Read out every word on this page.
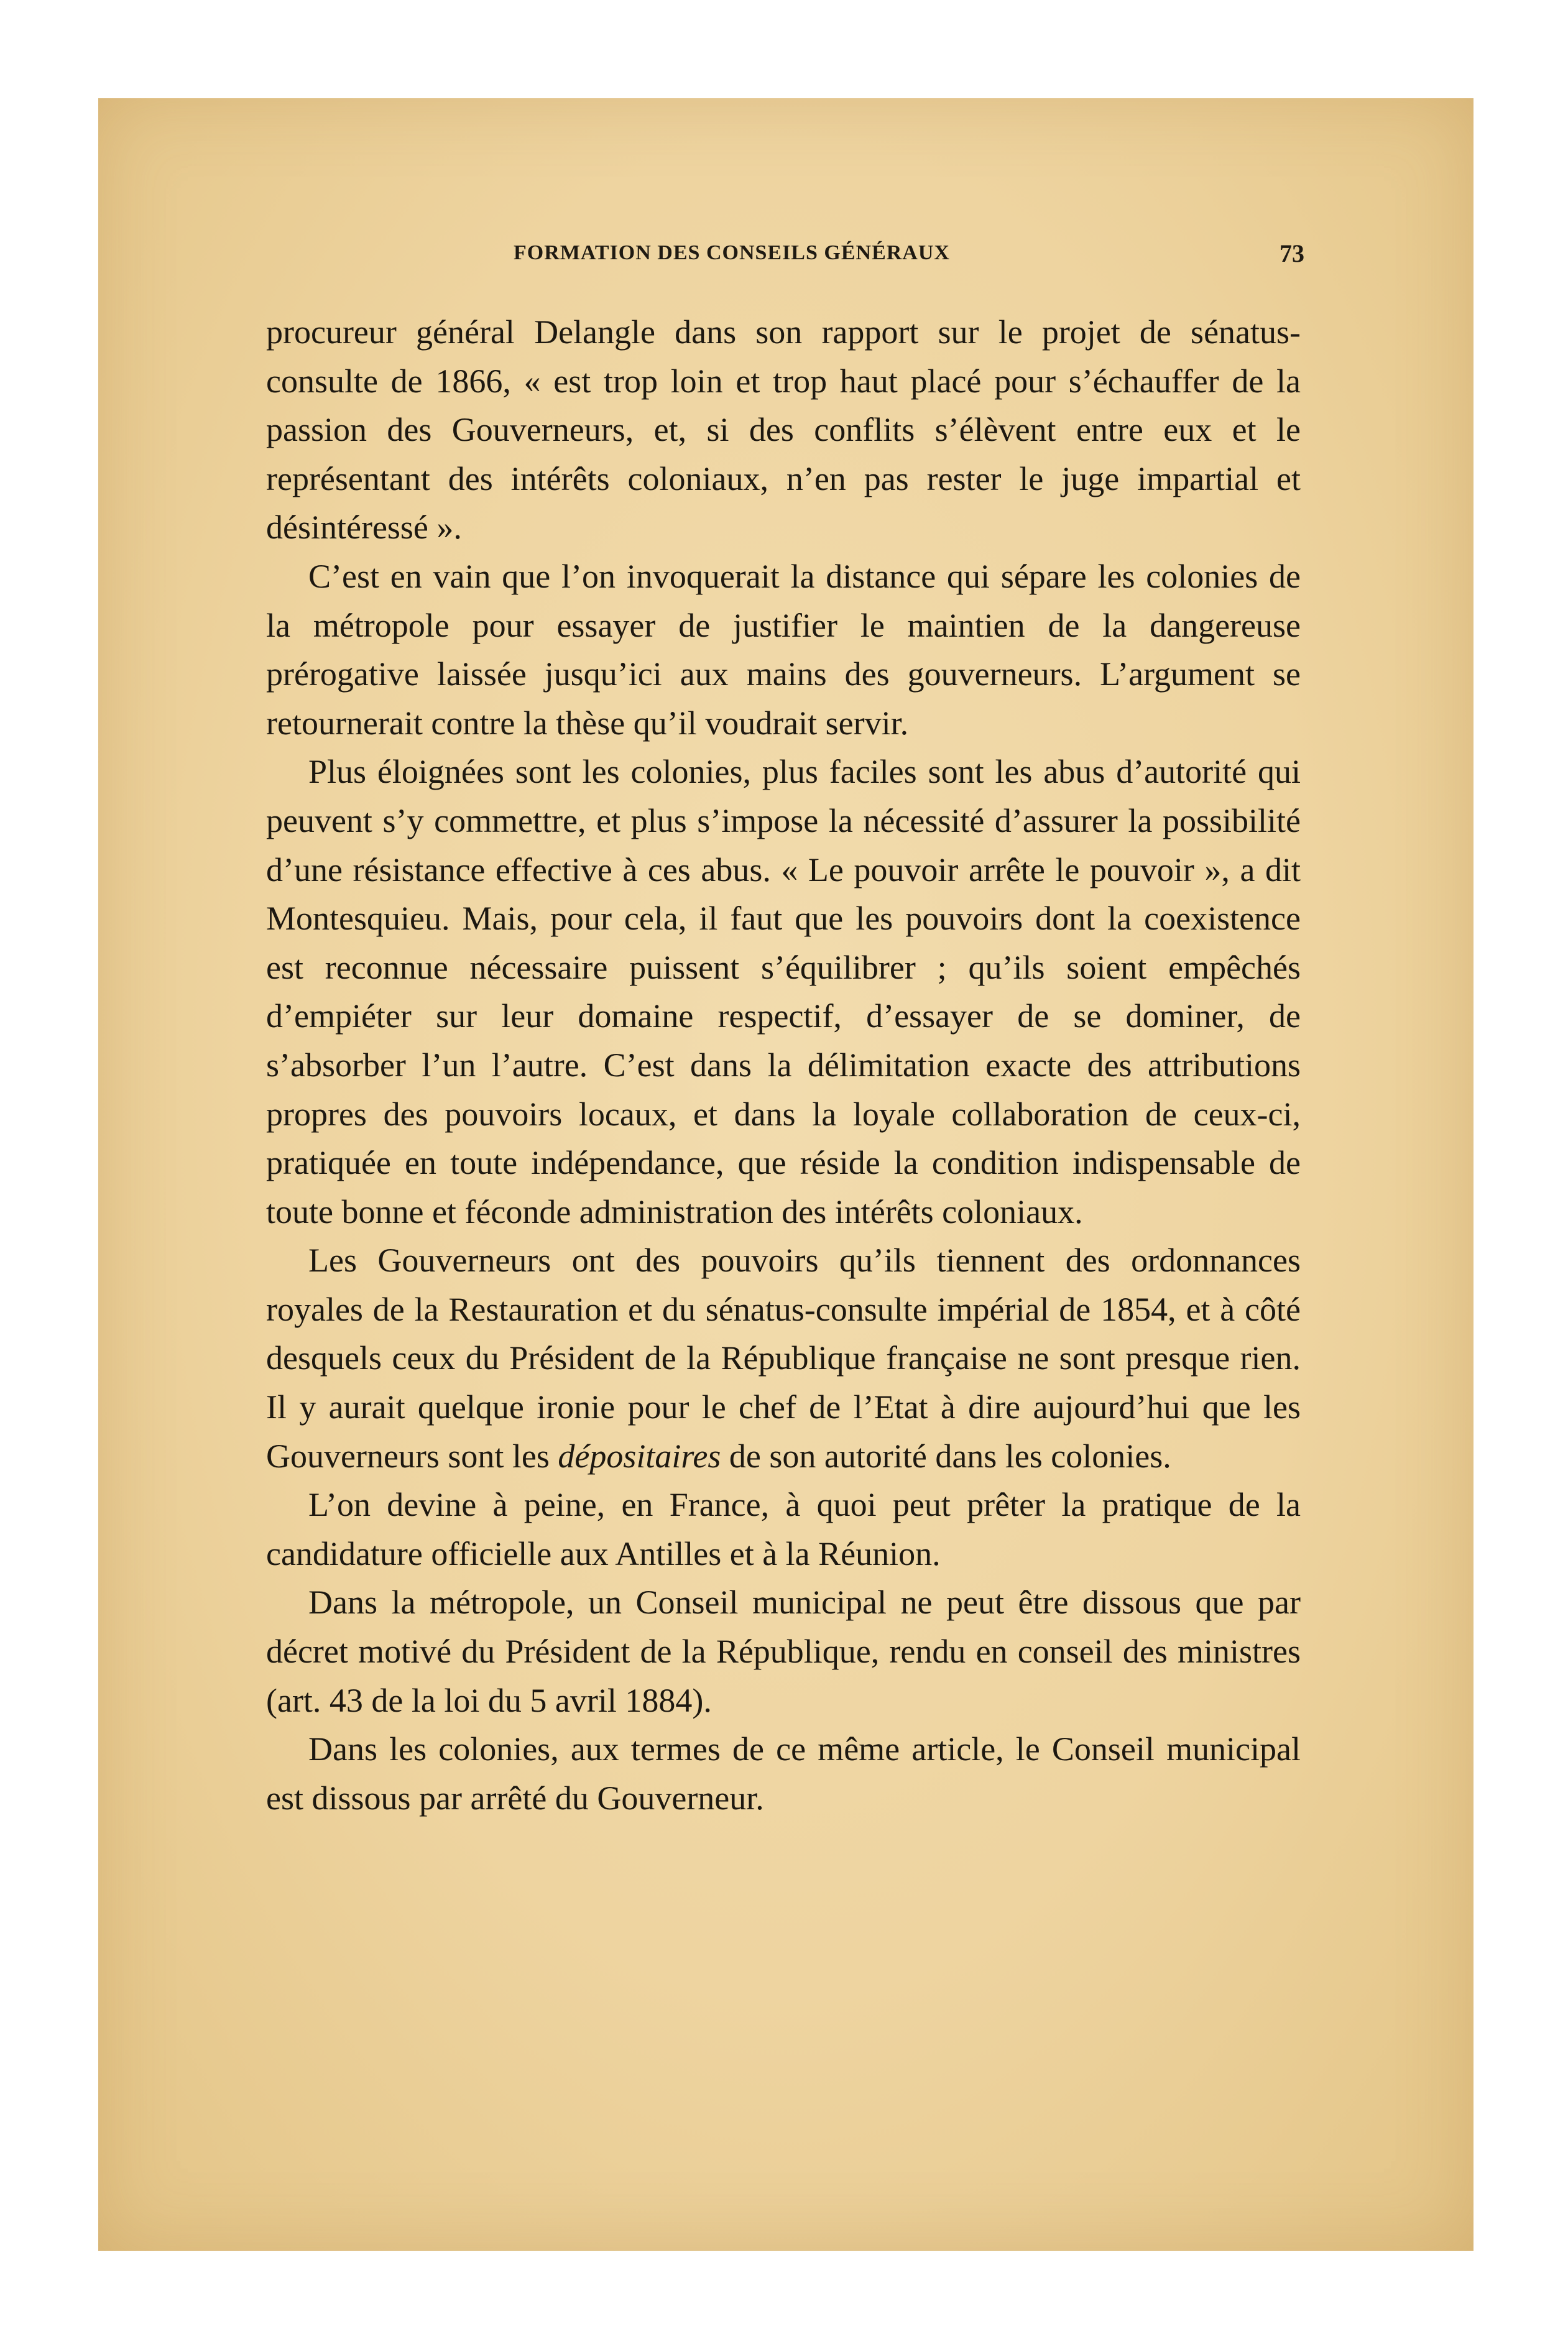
FORMATION DES CONSEILS GÉNÉRAUX	73

procureur général Delangle dans son rapport sur le projet de sénatus-consulte de 1866, « est trop loin et trop haut placé pour s’échauffer de la passion des Gouverneurs, et, si des conflits s’élèvent entre eux et le représentant des intérêts coloniaux, n’en pas rester le juge impartial et désintéressé ».

C’est en vain que l’on invoquerait la distance qui sépare les colonies de la métropole pour essayer de justifier le maintien de la dangereuse prérogative laissée jusqu’ici aux mains des gouverneurs. L’argument se retournerait contre la thèse qu’il voudrait servir.

Plus éloignées sont les colonies, plus faciles sont les abus d’autorité qui peuvent s’y commettre, et plus s’impose la nécessité d’assurer la possibilité d’une résistance effective à ces abus. « Le pouvoir arrête le pouvoir », a dit Montesquieu. Mais, pour cela, il faut que les pouvoirs dont la coexistence est reconnue nécessaire puissent s’équilibrer ; qu’ils soient empêchés d’empiéter sur leur domaine respectif, d’essayer de se dominer, de s’absorber l’un l’autre. C’est dans la délimitation exacte des attributions propres des pouvoirs locaux, et dans la loyale collaboration de ceux-ci, pratiquée en toute indépendance, que réside la condition indispensable de toute bonne et féconde administration des intérêts coloniaux.

Les Gouverneurs ont des pouvoirs qu’ils tiennent des ordonnances royales de la Restauration et du sénatus-consulte impérial de 1854, et à côté desquels ceux du Président de la République française ne sont presque rien. Il y aurait quelque ironie pour le chef de l’Etat à dire aujourd’hui que les Gouverneurs sont les dépositaires de son autorité dans les colonies.

L’on devine à peine, en France, à quoi peut prêter la pratique de la candidature officielle aux Antilles et à la Réunion.

Dans la métropole, un Conseil municipal ne peut être dissous que par décret motivé du Président de la République, rendu en conseil des ministres (art. 43 de la loi du 5 avril 1884).

Dans les colonies, aux termes de ce même article, le Conseil municipal est dissous par arrêté du Gouverneur.
